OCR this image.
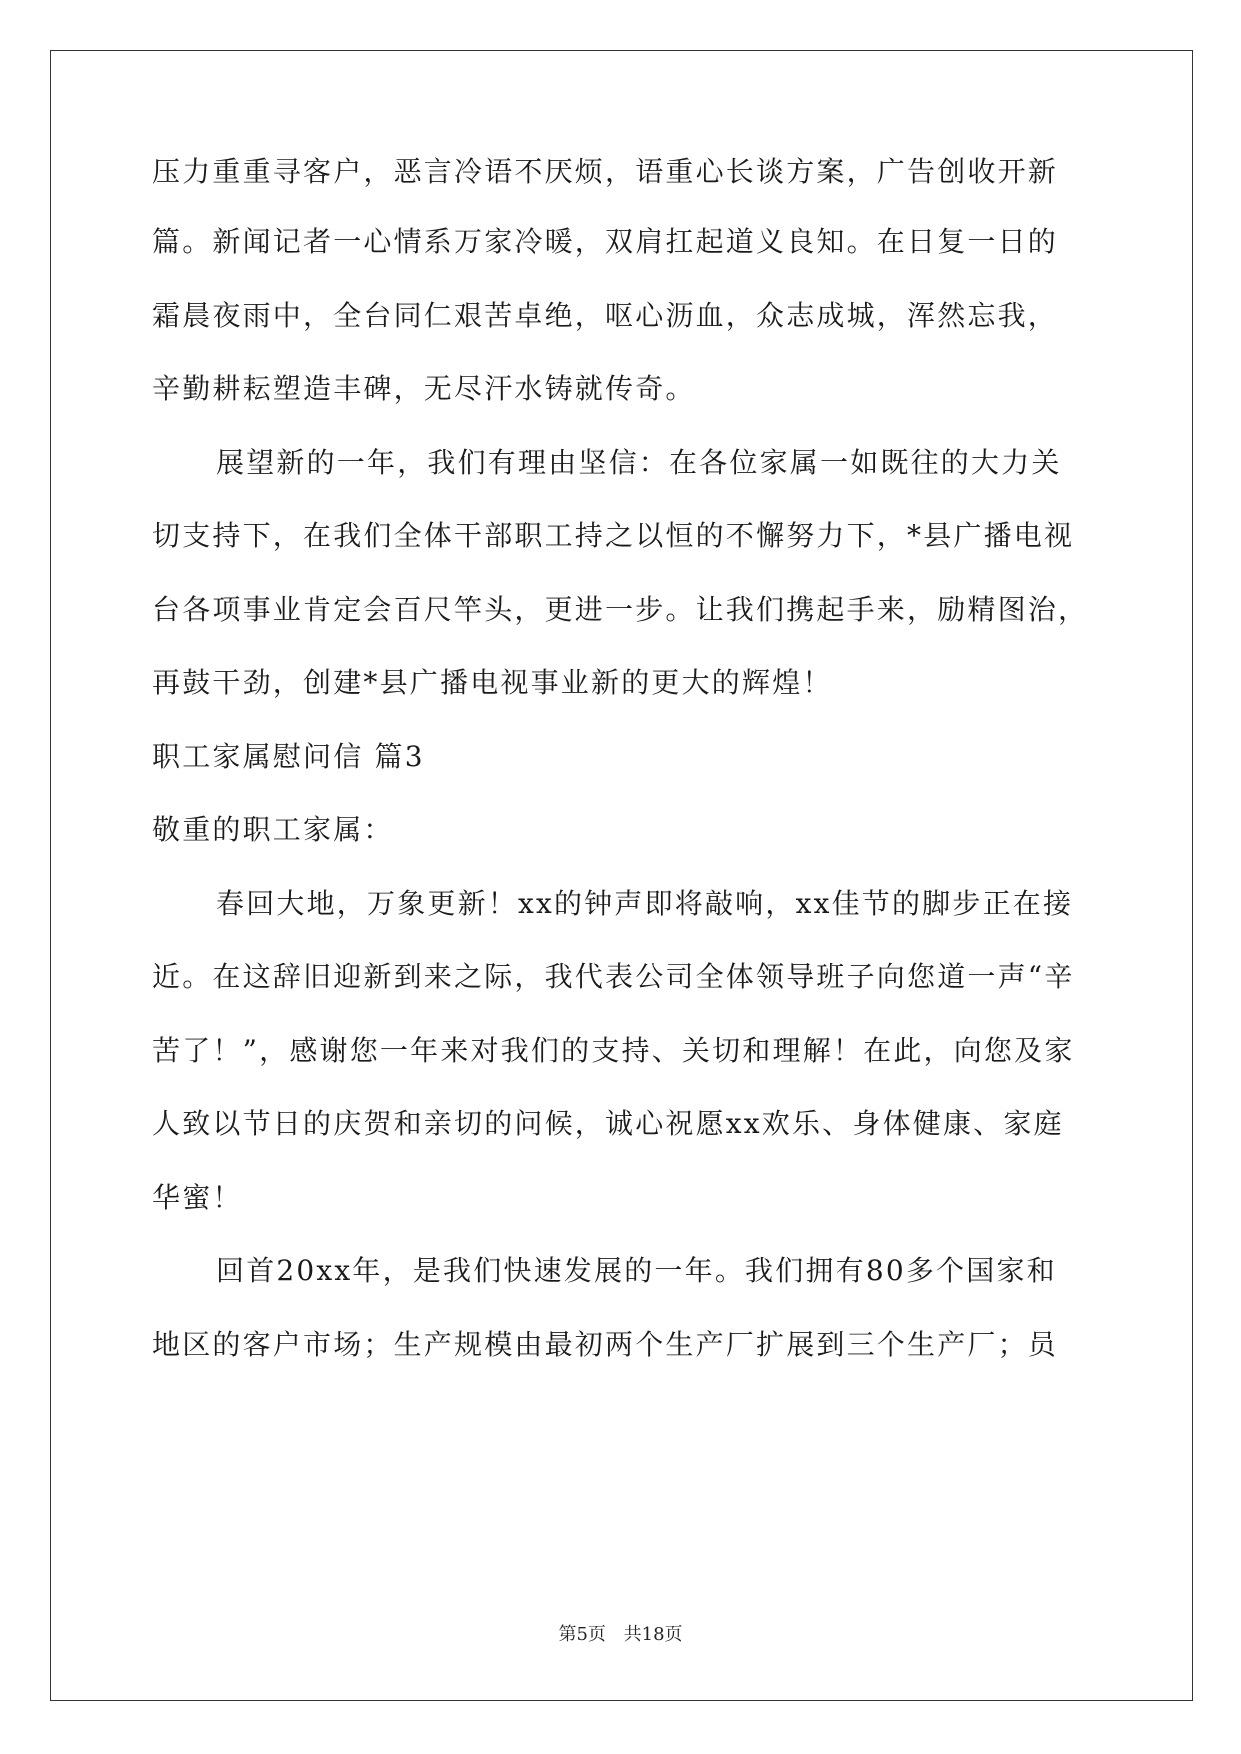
压力重重寻客户，恶言冷语不厌烦，语重心长谈方案，广告创收开新
篇。新闻记者一心情系万家冷暖，双肩扛起道义良知。在日复一日的
霜晨夜雨中，全台同仁艰苦卓绝，呕心沥血，众志成城，浑然忘我，
辛勤耕耘塑造丰碑，无尽汗水铸就传奇。
展望新的一年，我们有理由坚信：在各位家属一如既往的大力关
切支持下，在我们全体干部职工持之以恒的不懈努力下，*县广播电视
台各项事业肯定会百尺竿头，更进一步。让我们携起手来，励精图治，
再鼓干劲，创建*县广播电视事业新的更大的辉煌！
职工家属慰问信 篇3
敬重的职工家属：
春回大地，万象更新！xx的钟声即将敲响，xx佳节的脚步正在接
近。在这辞旧迎新到来之际，我代表公司全体领导班子向您道一声“辛
苦了！”，感谢您一年来对我们的支持、关切和理解！在此，向您及家
人致以节日的庆贺和亲切的问候，诚心祝愿xx欢乐、身体健康、家庭
华蜜！
回首20xx年，是我们快速发展的一年。我们拥有80多个国家和
地区的客户市场；生产规模由最初两个生产厂扩展到三个生产厂；员
第5页 共18页
